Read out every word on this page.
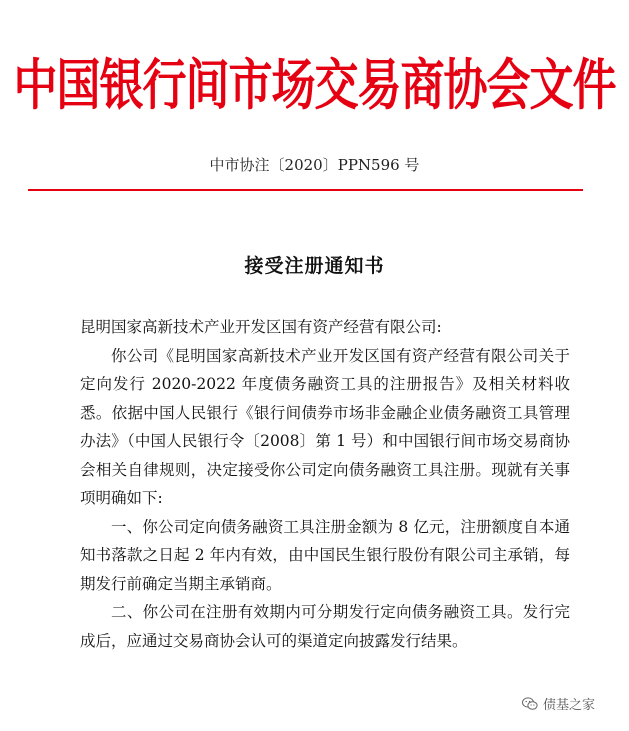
中国银行间市场交易商协会文件
中市协注〔2020〕PPN596 号
接受注册通知书

昆明国家高新技术产业开发区国有资产经营有限公司:

你公司《昆明国家高新技术产业开发区国有资产经营有限公司关于定向发行 2020-2022 年度债务融资工具的注册报告》及相关材料收悉。依据中国人民银行《银行间债券市场非金融企业债务融资工具管理办法》（中国人民银行令〔2008〕第 1 号）和中国银行间市场交易商协会相关自律规则，决定接受你公司定向债务融资工具注册。现就有关事项明确如下:

一、你公司定向债务融资工具注册金额为 8 亿元，注册额度自本通知书落款之日起 2 年内有效，由中国民生银行股份有限公司主承销，每期发行前确定当期主承销商。

二、你公司在注册有效期内可分期发行定向债务融资工具。发行完成后，应通过交易商协会认可的渠道定向披露发行结果。

债基之家
